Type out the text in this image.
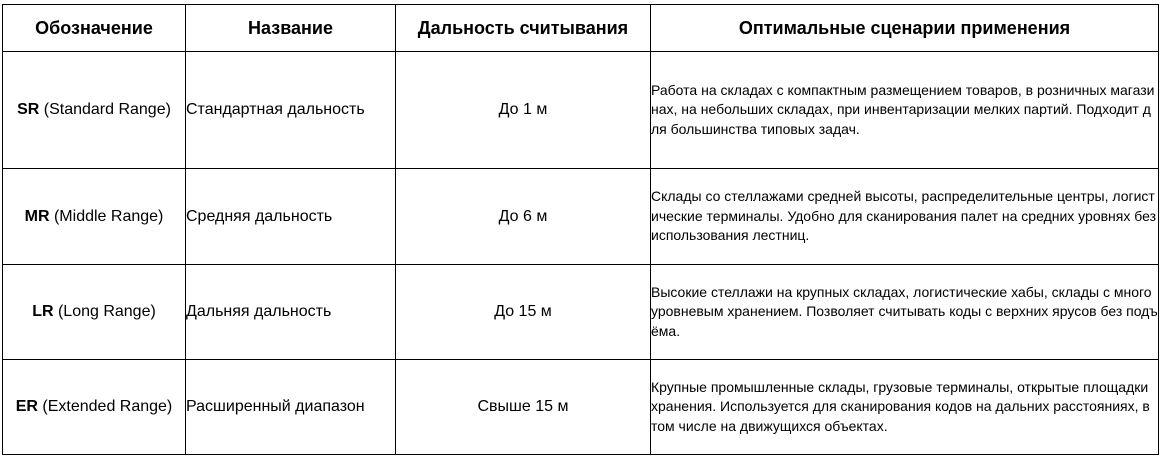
Обозначение	Название	Дальность считывания	Оптимальные сценарии применения
SR (Standard Range)	Стандартная дальность	До 1 м	Работа на складах с компактным размещением товаров, в розничных магазинах, на небольших складах, при инвентаризации мелких партий. Подходит для большинства типовых задач.
MR (Middle Range)	Средняя дальность	До 6 м	Склады со стеллажами средней высоты, распределительные центры, логистические терминалы. Удобно для сканирования палет на средних уровнях без использования лестниц.
LR (Long Range)	Дальняя дальность	До 15 м	Высокие стеллажи на крупных складах, логистические хабы, склады с многоуровневым хранением. Позволяет считывать коды с верхних ярусов без подъёма.
ER (Extended Range)	Расширенный диапазон	Свыше 15 м	Крупные промышленные склады, грузовые терминалы, открытые площадки хранения. Используется для сканирования кодов на дальних расстояниях, в том числе на движущихся объектах.
